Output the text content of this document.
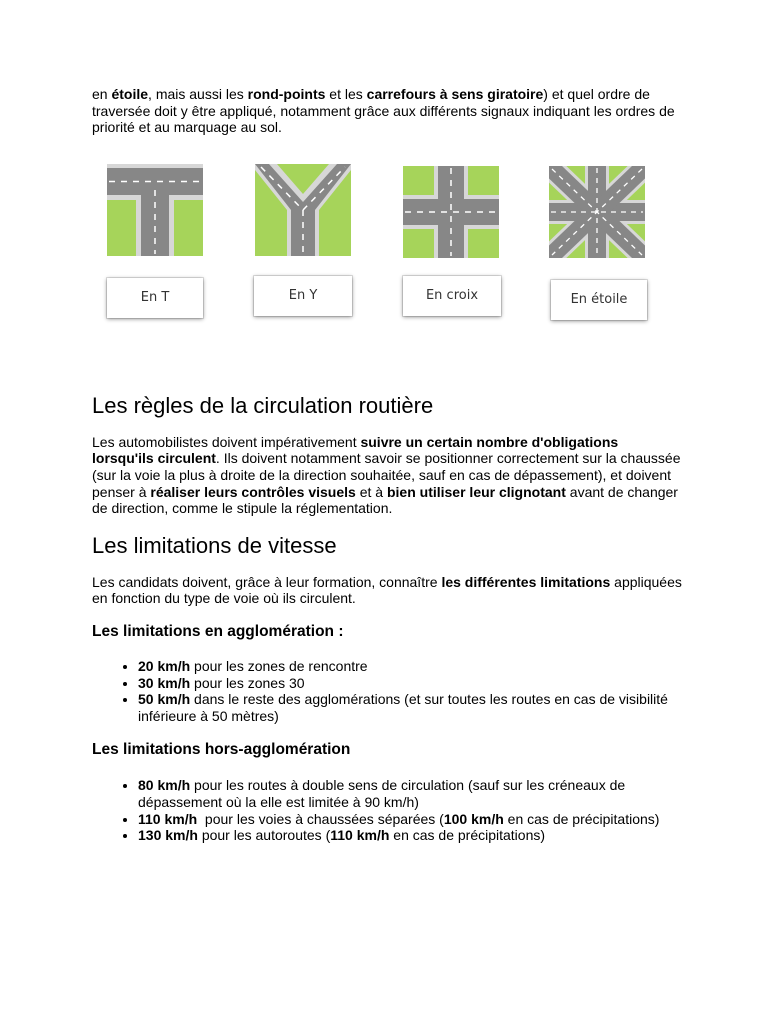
en étoile, mais aussi les rond-points et les carrefours à sens giratoire) et quel ordre de traversée doit y être appliqué, notamment grâce aux différents signaux indiquant les ordres de priorité et au marquage au sol.

En T	En Y	En croix	En étoile
Les règles de la circulation routière

Les automobilistes doivent impérativement suivre un certain nombre d'obligations lorsqu'ils circulent. Ils doivent notamment savoir se positionner correctement sur la chaussée (sur la voie la plus à droite de la direction souhaitée, sauf en cas de dépassement), et doivent penser à réaliser leurs contrôles visuels et à bien utiliser leur clignotant avant de changer de direction, comme le stipule la réglementation.

Les limitations de vitesse

Les candidats doivent, grâce à leur formation, connaître les différentes limitations appliquées en fonction du type de voie où ils circulent.

Les limitations en agglomération :
• 20 km/h pour les zones de rencontre
• 30 km/h pour les zones 30
• 50 km/h dans le reste des agglomérations (et sur toutes les routes en cas de visibilité inférieure à 50 mètres)
Les limitations hors-agglomération
• 80 km/h pour les routes à double sens de circulation (sauf sur les créneaux de dépassement où la elle est limitée à 90 km/h)
• 110 km/h  pour les voies à chaussées séparées (100 km/h en cas de précipitations)
• 130 km/h pour les autoroutes (110 km/h en cas de précipitations)
